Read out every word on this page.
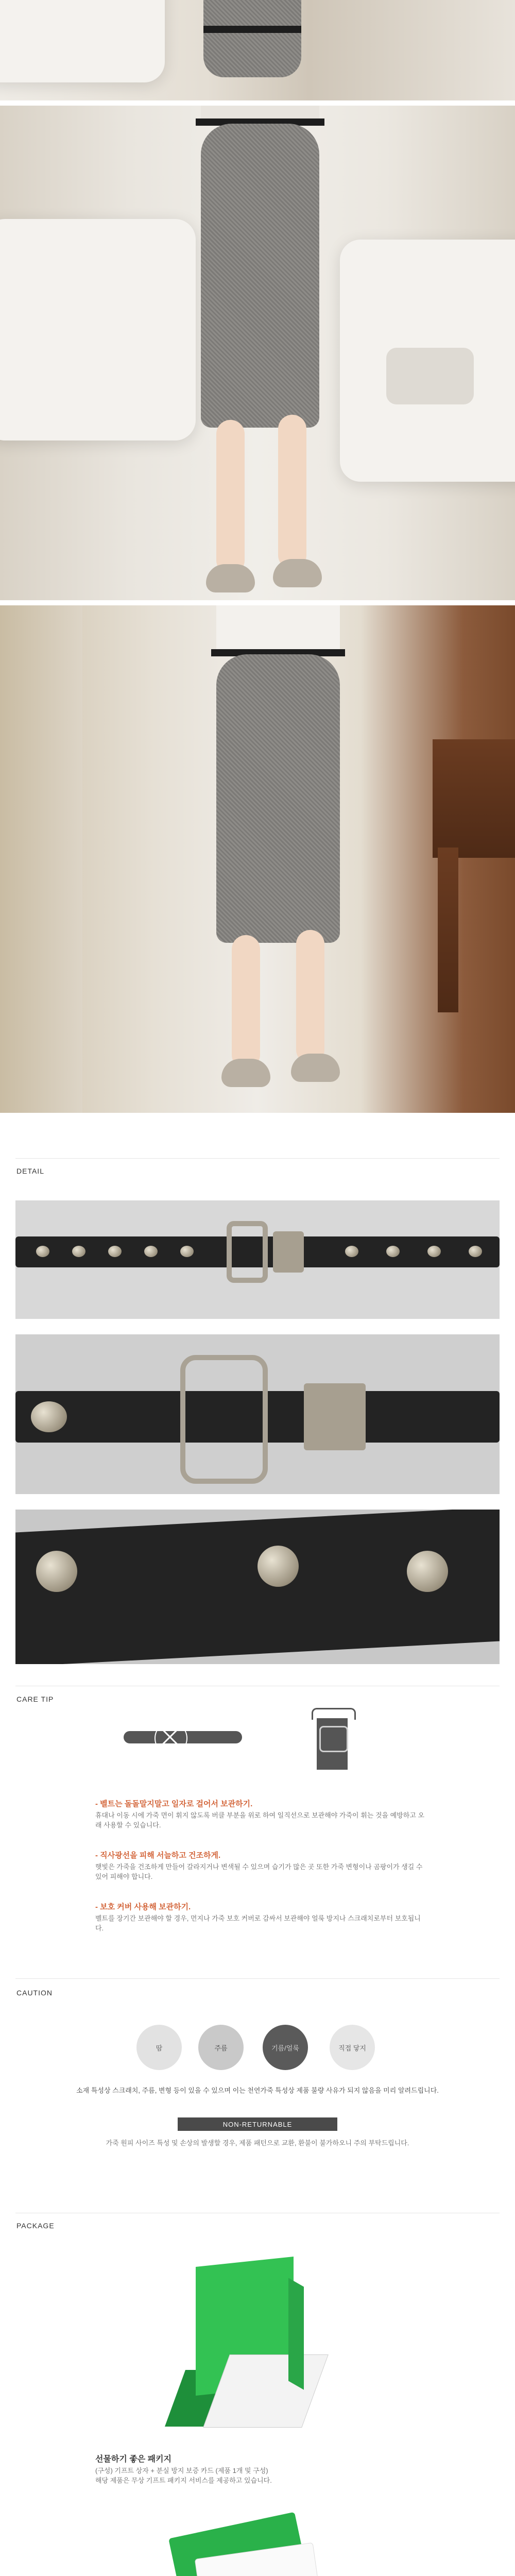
DETAIL
CARE TIP
- 벨트는 돌돌말지말고 일자로 걸어서 보관하기.
휴대나 이동 시에 가죽 면이 휘지 않도록 버클 부분을 위로 하여 일직선으로 보관해야 가죽이 휘는 것을 예방하고 오래 사용할 수 있습니다.
- 직사광선을 피해 서늘하고 건조하게.
햇빛은 가죽을 건조하게 만들어 갈라지거나 변색될 수 있으며 습기가 많은 곳 또한 가죽 변형이나 곰팡이가 생길 수 있어 피해야 합니다.
- 보호 커버 사용해 보관하기.
벨트를 장기간 보관해야 할 경우, 먼지나 가죽 보호 커버로 감싸서 보관해야 얼룩 방지나 스크래치로부터 보호됩니다.
CAUTION
땀	주름	기름/얼룩	직접 닿지
소재 특성상 스크래치, 주름, 변형 등이 있을 수 있으며 이는 천연가죽 특성상 제품 불량 사유가 되지 않음을 미리 알려드립니다.
NON-RETURNABLE
가죽 원피 사이즈 특성 및 손상의 발생할 경우, 제품 패턴으로 교환, 환불이 불가하오니 주의 부탁드립니다.
PACKAGE
선물하기 좋은 패키지
(구성) 기프트 상자 + 분실 방지 보증 카드 (제품 1개 및 구성)
해당 제품은 무상 기프트 패키지 서비스를 제공하고 있습니다.
